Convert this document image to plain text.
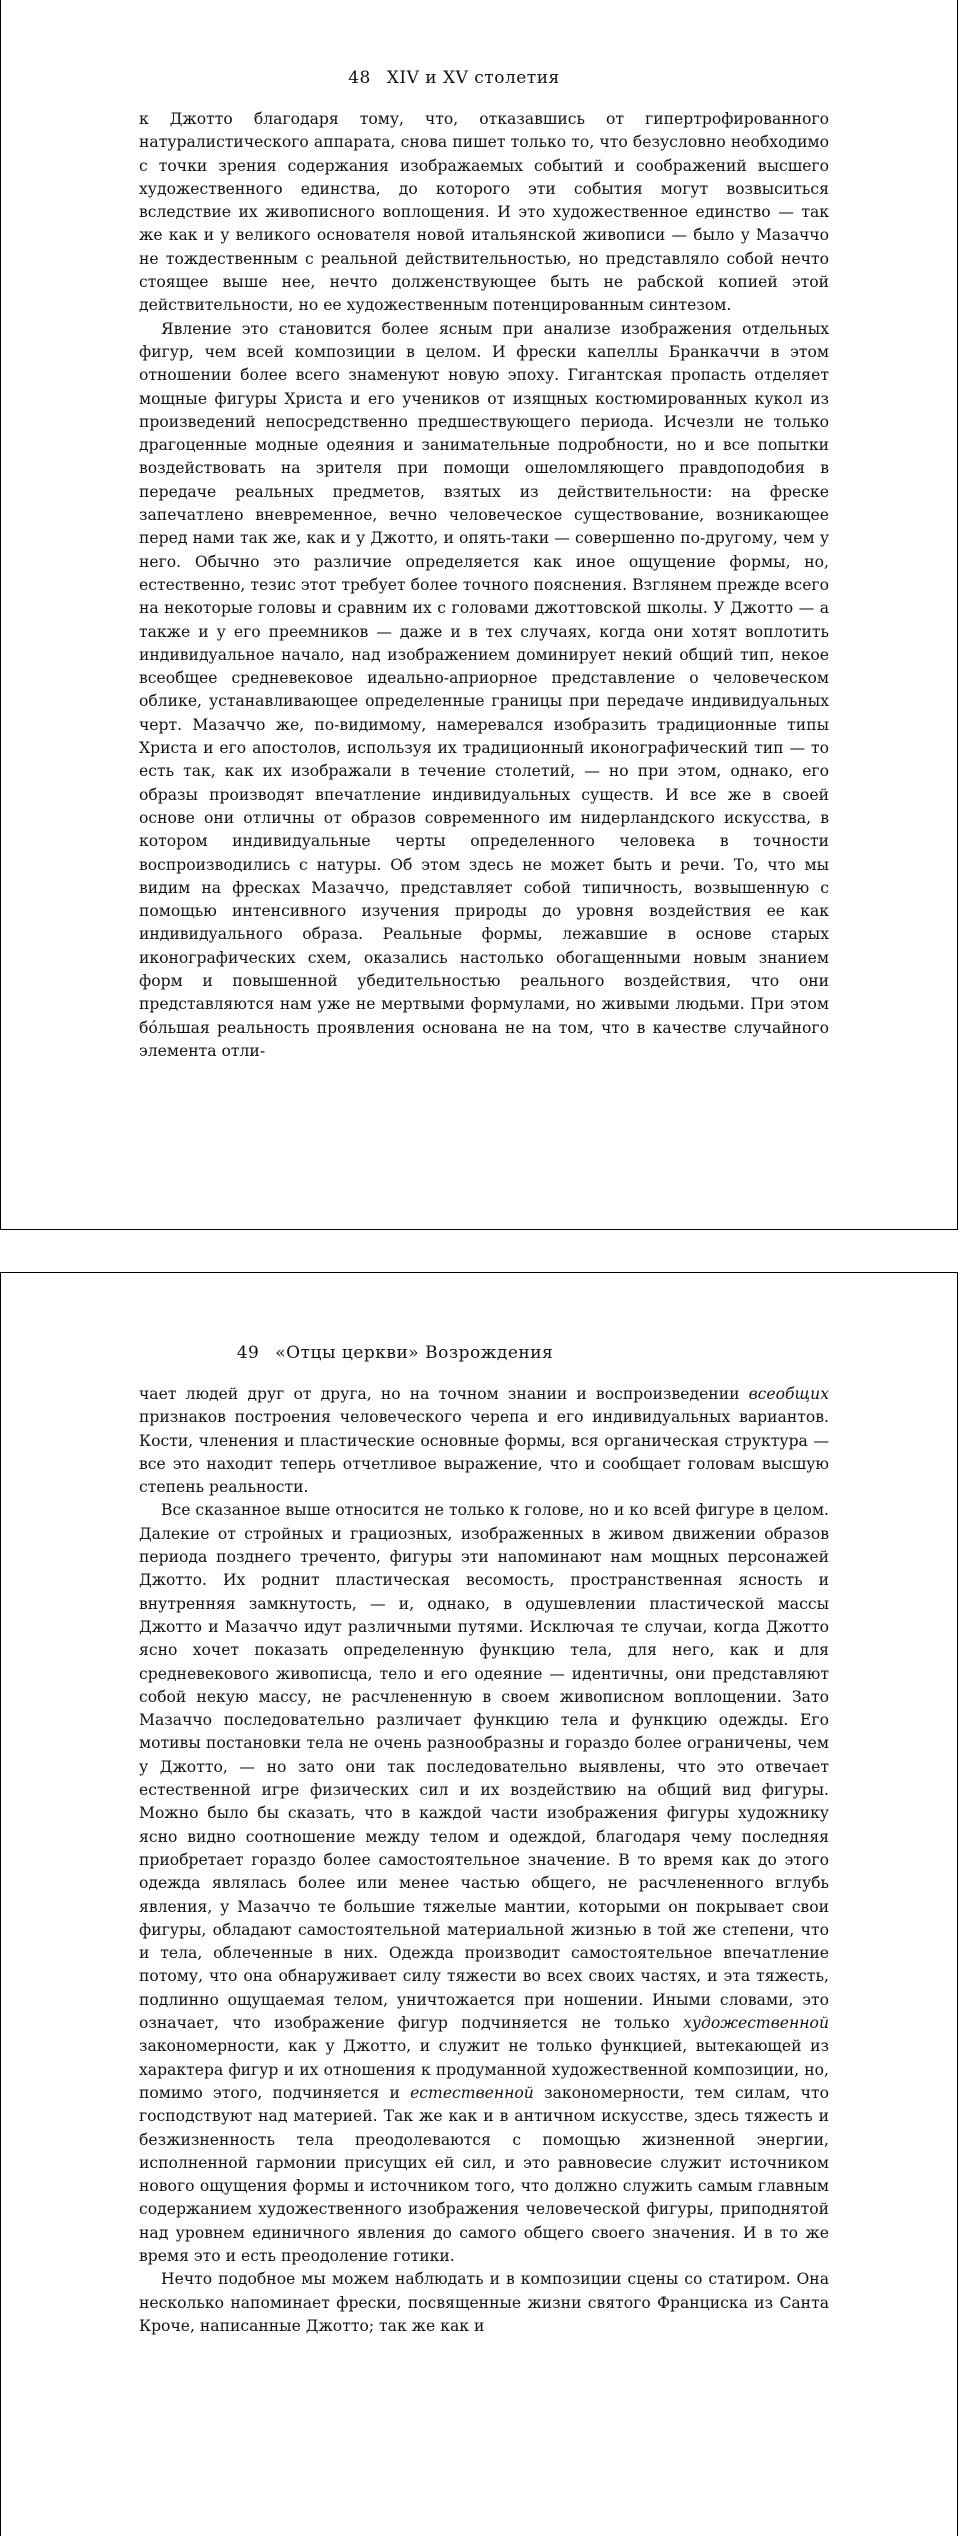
48 XIV и XV столетия

к Джотто благодаря тому, что, отказавшись от гипертрофированного натуралистического аппарата, снова пишет только то, что безусловно необходимо с точки зрения содержания изображаемых событий и соображений высшего художественного единства, до которого эти события могут возвыситься вследствие их живописного воплощения. И это художественное единство — так же как и у великого основателя новой итальянской живописи — было у Мазаччо не тождественным с реальной действительностью, но представляло собой нечто стоящее выше нее, нечто долженствующее быть не рабской копией этой действительности, но ее художественным потенцированным синтезом.

Явление это становится более ясным при анализе изображения отдельных фигур, чем всей композиции в целом. И фрески капеллы Бранкаччи в этом отношении более всего знаменуют новую эпоху. Гигантская пропасть отделяет мощные фигуры Христа и его учеников от изящных костюмированных кукол из произведений непосредственно предшествующего периода. Исчезли не только драгоценные модные одеяния и занимательные подробности, но и все попытки воздействовать на зрителя при помощи ошеломляющего правдоподобия в передаче реальных предметов, взятых из действительности: на фреске запечатлено вневременное, вечно человеческое существование, возникающее перед нами так же, как и у Джотто, и опять-таки — совершенно по-другому, чем у него. Обычно это различие определяется как иное ощущение формы, но, естественно, тезис этот требует более точного пояснения. Взглянем прежде всего на некоторые головы и сравним их с головами джоттовской школы. У Джотто — а также и у его преемников — даже и в тех случаях, когда они хотят воплотить индивидуальное начало, над изображением доминирует некий общий тип, некое всеобщее средневековое идеально-априорное представление о человеческом облике, устанавливающее определенные границы при передаче индивидуальных черт. Мазаччо же, по-видимому, намеревался изобразить традиционные типы Христа и его апостолов, используя их традиционный иконографический тип — то есть так, как их изображали в течение столетий, — но при этом, однако, его образы производят впечатление индивидуальных существ. И все же в своей основе они отличны от образов современного им нидерландского искусства, в котором индивидуальные черты определенного человека в точности воспроизводились с натуры. Об этом здесь не может быть и речи. То, что мы видим на фресках Мазаччо, представляет собой типичность, возвышенную с помощью интенсивного изучения природы до уровня воздействия ее как индивидуального образа. Реальные формы, лежавшие в основе старых иконографических схем, оказались настолько обогащенными новым знанием форм и повышенной убедительностью реального воздействия, что они представляются нам уже не мертвыми формулами, но живыми людьми. При этом бо́льшая реальность проявления основана не на том, что в качестве случайного элемента отли-

49 «Отцы церкви» Возрождения

чает людей друг от друга, но на точном знании и воспроизведении всеобщих признаков построения человеческого черепа и его индивидуальных вариантов. Кости, членения и пластические основные формы, вся органическая структура — все это находит теперь отчетливое выражение, что и сообщает головам высшую степень реальности.

Все сказанное выше относится не только к голове, но и ко всей фигуре в целом. Далекие от стройных и грациозных, изображенных в живом движении образов периода позднего треченто, фигуры эти напоминают нам мощных персонажей Джотто. Их роднит пластическая весомость, пространственная ясность и внутренняя замкнутость, — и, однако, в одушевлении пластической массы Джотто и Мазаччо идут различными путями. Исключая те случаи, когда Джотто ясно хочет показать определенную функцию тела, для него, как и для средневекового живописца, тело и его одеяние — идентичны, они представляют собой некую массу, не расчлененную в своем живописном воплощении. Зато Мазаччо последовательно различает функцию тела и функцию одежды. Его мотивы постановки тела не очень разнообразны и гораздо более ограничены, чем у Джотто, — но зато они так последовательно выявлены, что это отвечает естественной игре физических сил и их воздействию на общий вид фигуры. Можно было бы сказать, что в каждой части изображения фигуры художнику ясно видно соотношение между телом и одеждой, благодаря чему последняя приобретает гораздо более самостоятельное значение. В то время как до этого одежда являлась более или менее частью общего, не расчлененного вглубь явления, у Мазаччо те большие тяжелые мантии, которыми он покрывает свои фигуры, обладают самостоятельной материальной жизнью в той же степени, что и тела, облеченные в них. Одежда производит самостоятельное впечатление потому, что она обнаруживает силу тяжести во всех своих частях, и эта тяжесть, подлинно ощущаемая телом, уничтожается при ношении. Иными словами, это означает, что изображение фигур подчиняется не только художественной закономерности, как у Джотто, и служит не только функцией, вытекающей из характера фигур и их отношения к продуманной художественной композиции, но, помимо этого, подчиняется и естественной закономерности, тем силам, что господствуют над материей. Так же как и в античном искусстве, здесь тяжесть и безжизненность тела преодолеваются с помощью жизненной энергии, исполненной гармонии присущих ей сил, и это равновесие служит источником нового ощущения формы и источником того, что должно служить самым главным содержанием художественного изображения человеческой фигуры, приподнятой над уровнем единичного явления до самого общего своего значения. И в то же время это и есть преодоление готики.

Нечто подобное мы можем наблюдать и в композиции сцены со статиром. Она несколько напоминает фрески, посвященные жизни святого Франциска из Санта Кроче, написанные Джотто; так же как и
